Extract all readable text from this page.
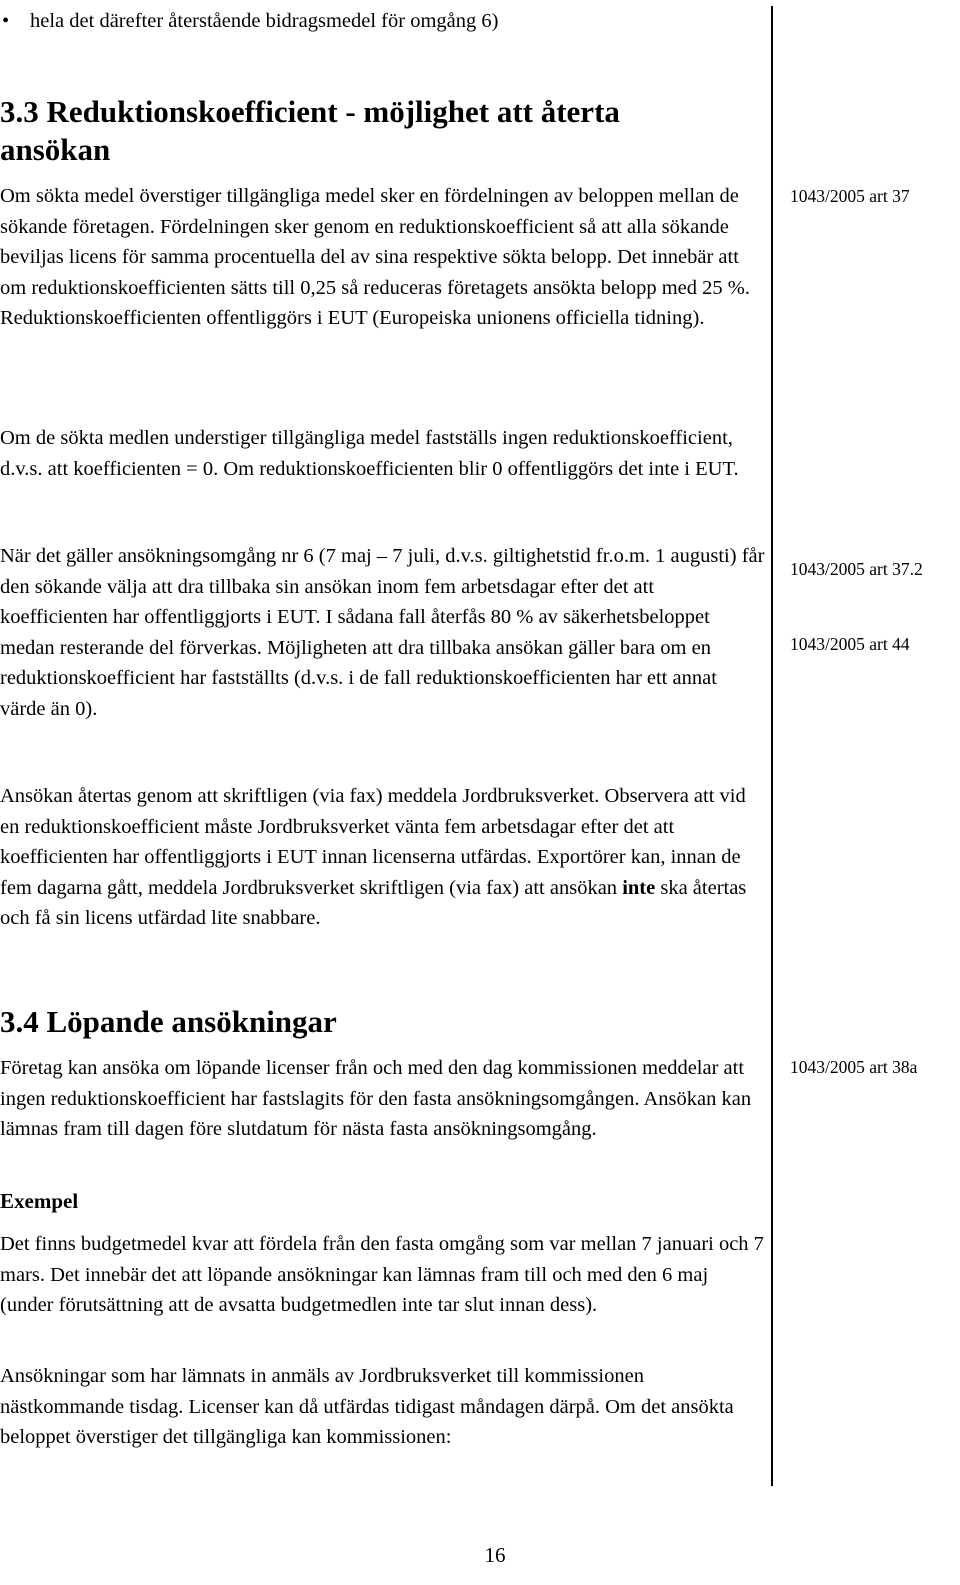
• hela det därefter återstående bidragsmedel för omgång 6)
3.3 Reduktionskoefficient - möjlighet att återta ansökan

Om sökta medel överstiger tillgängliga medel sker en fördelningen av beloppen mellan de sökande företagen. Fördelningen sker genom en reduktionskoefficient så att alla sökande beviljas licens för samma procentuella del av sina respektive sökta belopp. Det innebär att om reduktionskoefficienten sätts till 0,25 så reduceras företagets ansökta belopp med 25 %. Reduktionskoefficienten offentliggörs i EUT (Europeiska unionens officiella tidning).

Om de sökta medlen understiger tillgängliga medel fastställs ingen reduktionskoefficient, d.v.s. att koefficienten = 0. Om reduktionskoefficienten blir 0 offentliggörs det inte i EUT.

När det gäller ansökningsomgång nr 6 (7 maj – 7 juli, d.v.s. giltighetstid fr.o.m. 1 augusti) får den sökande välja att dra tillbaka sin ansökan inom fem arbetsdagar efter det att koefficienten har offentliggjorts i EUT. I sådana fall återfås 80 % av säkerhetsbeloppet medan resterande del förverkas. Möjligheten att dra tillbaka ansökan gäller bara om en reduktionskoefficient har fastställts (d.v.s. i de fall reduktionskoefficienten har ett annat värde än 0).

Ansökan återtas genom att skriftligen (via fax) meddela Jordbruksverket. Observera att vid en reduktionskoefficient måste Jordbruksverket vänta fem arbetsdagar efter det att koefficienten har offentliggjorts i EUT innan licenserna utfärdas. Exportörer kan, innan de fem dagarna gått, meddela Jordbruksverket skriftligen (via fax) att ansökan inte ska återtas och få sin licens utfärdad lite snabbare.

3.4 Löpande ansökningar

Företag kan ansöka om löpande licenser från och med den dag kommissionen meddelar att ingen reduktionskoefficient har fastslagits för den fasta ansökningsomgången. Ansökan kan lämnas fram till dagen före slutdatum för nästa fasta ansökningsomgång.

Exempel

Det finns budgetmedel kvar att fördela från den fasta omgång som var mellan 7 januari och 7 mars. Det innebär det att löpande ansökningar kan lämnas fram till och med den 6 maj (under förutsättning att de avsatta budgetmedlen inte tar slut innan dess).

Ansökningar som har lämnats in anmäls av Jordbruksverket till kommissionen nästkommande tisdag. Licenser kan då utfärdas tidigast måndagen därpå. Om det ansökta beloppet överstiger det tillgängliga kan kommissionen:

1043/2005 art 37
1043/2005 art 37.2
1043/2005 art 44
1043/2005 art 38a
16
